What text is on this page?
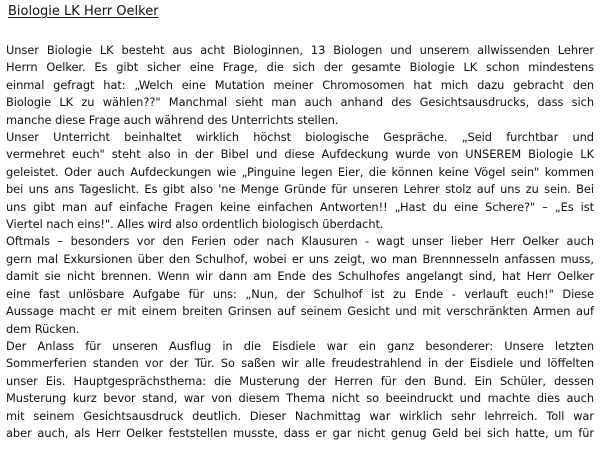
Biologie LK Herr Oelker

Unser Biologie LK besteht aus acht Biologinnen, 13 Biologen und unserem allwissenden Lehrer
Herrn Oelker. Es gibt sicher eine Frage, die sich der gesamte Biologie LK schon mindestens
einmal gefragt hat: „Welch eine Mutation meiner Chromosomen hat mich dazu gebracht den
Biologie LK zu wählen??" Manchmal sieht man auch anhand des Gesichtsausdrucks, dass sich
manche diese Frage auch während des Unterrichts stellen.

Unser Unterricht beinhaltet wirklich höchst biologische Gespräche. „Seid furchtbar und
vermehret euch" steht also in der Bibel und diese Aufdeckung wurde von UNSEREM Biologie LK
geleistet. Oder auch Aufdeckungen wie „Pinguine legen Eier, die können keine Vögel sein" kommen
bei uns ans Tageslicht. Es gibt also 'ne Menge Gründe für unseren Lehrer stolz auf uns zu sein. Bei
uns gibt man auf einfache Fragen keine einfachen Antworten!! „Hast du eine Schere?" – „Es ist
Viertel nach eins!". Alles wird also ordentlich biologisch überdacht.

Oftmals – besonders vor den Ferien oder nach Klausuren - wagt unser lieber Herr Oelker auch
gern mal Exkursionen über den Schulhof, wobei er uns zeigt, wo man Brennnesseln anfassen muss,
damit sie nicht brennen. Wenn wir dann am Ende des Schulhofes angelangt sind, hat Herr Oelker
eine fast unlösbare Aufgabe für uns: „Nun, der Schulhof ist zu Ende - verlauft euch!" Diese
Aussage macht er mit einem breiten Grinsen auf seinem Gesicht und mit verschränkten Armen auf
dem Rücken.

Der Anlass für unseren Ausflug in die Eisdiele war ein ganz besonderer: Unsere letzten
Sommerferien standen vor der Tür. So saßen wir alle freudestrahlend in der Eisdiele und löffelten
unser Eis. Hauptgesprächsthema: die Musterung der Herren für den Bund. Ein Schüler, dessen
Musterung kurz bevor stand, war von diesem Thema nicht so beeindruckt und machte dies auch
mit seinem Gesichtsausdruck deutlich. Dieser Nachmittag war wirklich sehr lehrreich. Toll war
aber auch, als Herr Oelker feststellen musste, dass er gar nicht genug Geld bei sich hatte, um für
